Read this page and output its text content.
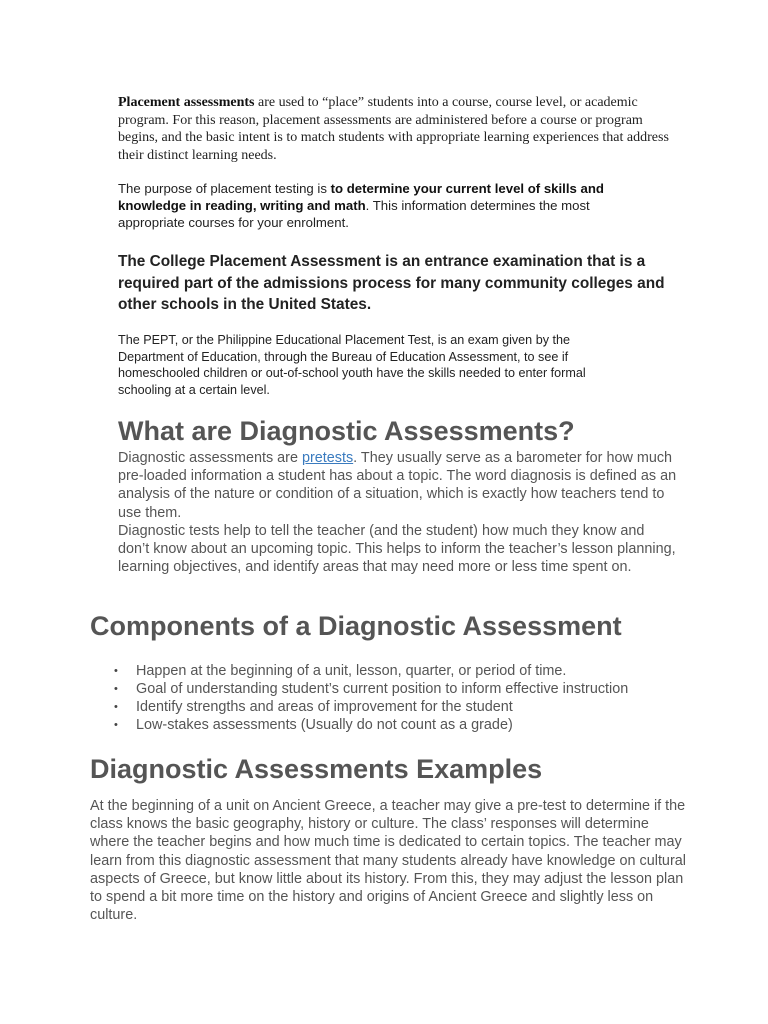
Placement assessments are used to “place” students into a course, course level, or academic program. For this reason, placement assessments are administered before a course or program begins, and the basic intent is to match students with appropriate learning experiences that address their distinct learning needs.
The purpose of placement testing is to determine your current level of skills and knowledge in reading, writing and math. This information determines the most appropriate courses for your enrolment.
The College Placement Assessment is an entrance examination that is a required part of the admissions process for many community colleges and other schools in the United States.
The PEPT, or the Philippine Educational Placement Test, is an exam given by the Department of Education, through the Bureau of Education Assessment, to see if homeschooled children or out-of-school youth have the skills needed to enter formal schooling at a certain level.
What are Diagnostic Assessments?
Diagnostic assessments are pretests. They usually serve as a barometer for how much pre-loaded information a student has about a topic. The word diagnosis is defined as an analysis of the nature or condition of a situation, which is exactly how teachers tend to use them.
Diagnostic tests help to tell the teacher (and the student) how much they know and don’t know about an upcoming topic. This helps to inform the teacher’s lesson planning, learning objectives, and identify areas that may need more or less time spent on.
Components of a Diagnostic Assessment
• Happen at the beginning of a unit, lesson, quarter, or period of time.
• Goal of understanding student’s current position to inform effective instruction
• Identify strengths and areas of improvement for the student
• Low-stakes assessments (Usually do not count as a grade)
Diagnostic Assessments Examples
At the beginning of a unit on Ancient Greece, a teacher may give a pre-test to determine if the class knows the basic geography, history or culture. The class’ responses will determine where the teacher begins and how much time is dedicated to certain topics. The teacher may learn from this diagnostic assessment that many students already have knowledge on cultural aspects of Greece, but know little about its history. From this, they may adjust the lesson plan to spend a bit more time on the history and origins of Ancient Greece and slightly less on culture.
